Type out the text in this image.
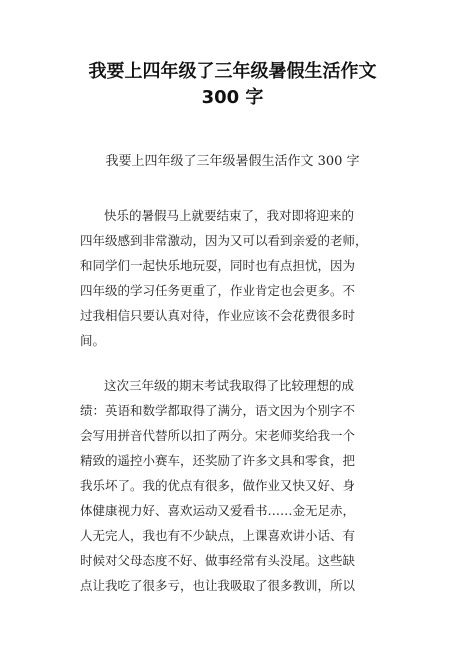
我要上四年级了三年级暑假生活作文
300 字

我要上四年级了三年级暑假生活作文 300 字

快乐的暑假马上就要结束了，我对即将迎来的

四年级感到非常激动，因为又可以看到亲爱的老师，

和同学们一起快乐地玩耍，同时也有点担忧，因为

四年级的学习任务更重了，作业肯定也会更多。不

过我相信只要认真对待，作业应该不会花费很多时

间。

这次三年级的期末考试我取得了比较理想的成

绩：英语和数学都取得了满分，语文因为个别字不

会写用拼音代替所以扣了两分。宋老师奖给我一个

精致的遥控小赛车，还奖励了许多文具和零食，把

我乐坏了。我的优点有很多，做作业又快又好、身

体健康视力好、喜欢运动又爱看书……金无足赤，

人无完人，我也有不少缺点，上课喜欢讲小话、有

时候对父母态度不好、做事经常有头没尾。这些缺

点让我吃了很多亏，也让我吸取了很多教训，所以
